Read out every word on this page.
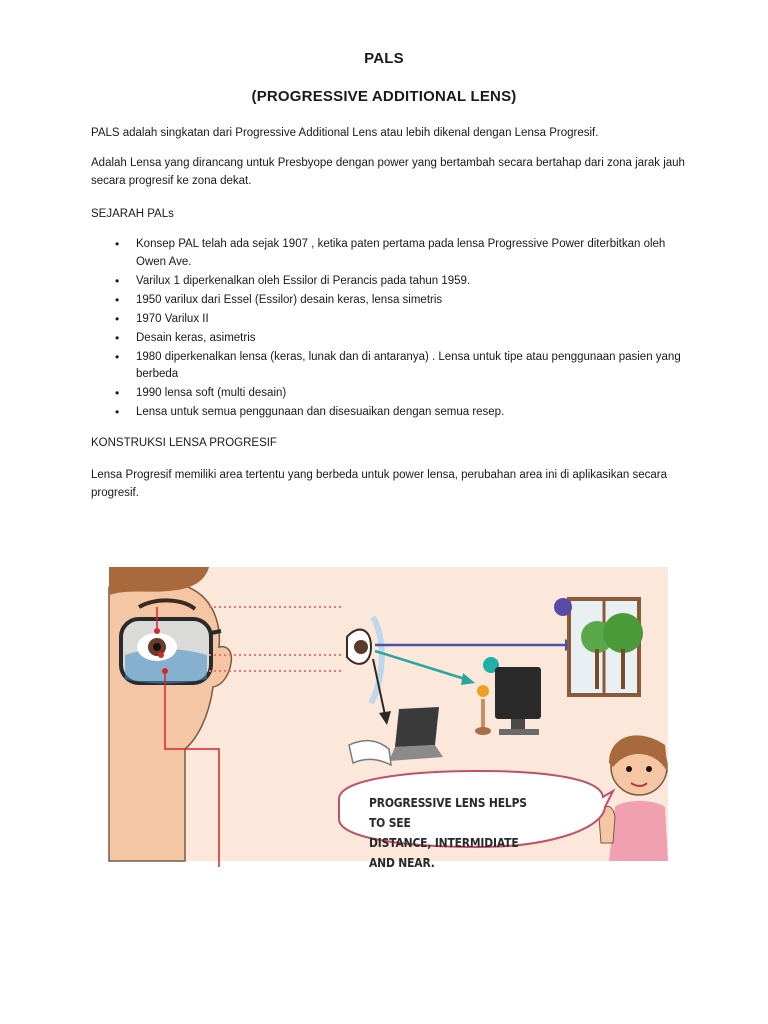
PALS
(PROGRESSIVE ADDITIONAL LENS)
PALS adalah singkatan dari Progressive Additional Lens atau lebih dikenal dengan Lensa Progresif.
Adalah Lensa yang dirancang untuk Presbyope dengan power yang bertambah secara bertahap dari zona jarak jauh secara progresif ke zona dekat.
SEJARAH PALs
• Konsep PAL telah ada sejak 1907 , ketika paten pertama pada lensa Progressive Power diterbitkan oleh Owen Ave.
• Varilux 1 diperkenalkan oleh Essilor di Perancis pada tahun 1959.
• 1950 varilux dari Essel (Essilor) desain keras, lensa simetris
• 1970 Varilux II
• Desain keras, asimetris
• 1980 diperkenalkan lensa (keras, lunak dan di antaranya) . Lensa untuk tipe atau penggunaan pasien yang berbeda
• 1990 lensa soft (multi desain)
• Lensa untuk semua penggunaan dan disesuaikan dengan semua resep.
KONSTRUKSI LENSA PROGRESIF
Lensa Progresif memiliki area tertentu yang berbeda untuk power lensa, perubahan area ini di aplikasikan secara progresif.
PROGRESSIVE LENS HELPS TO SEE
DISTANCE, INTERMIDIATE AND NEAR.
